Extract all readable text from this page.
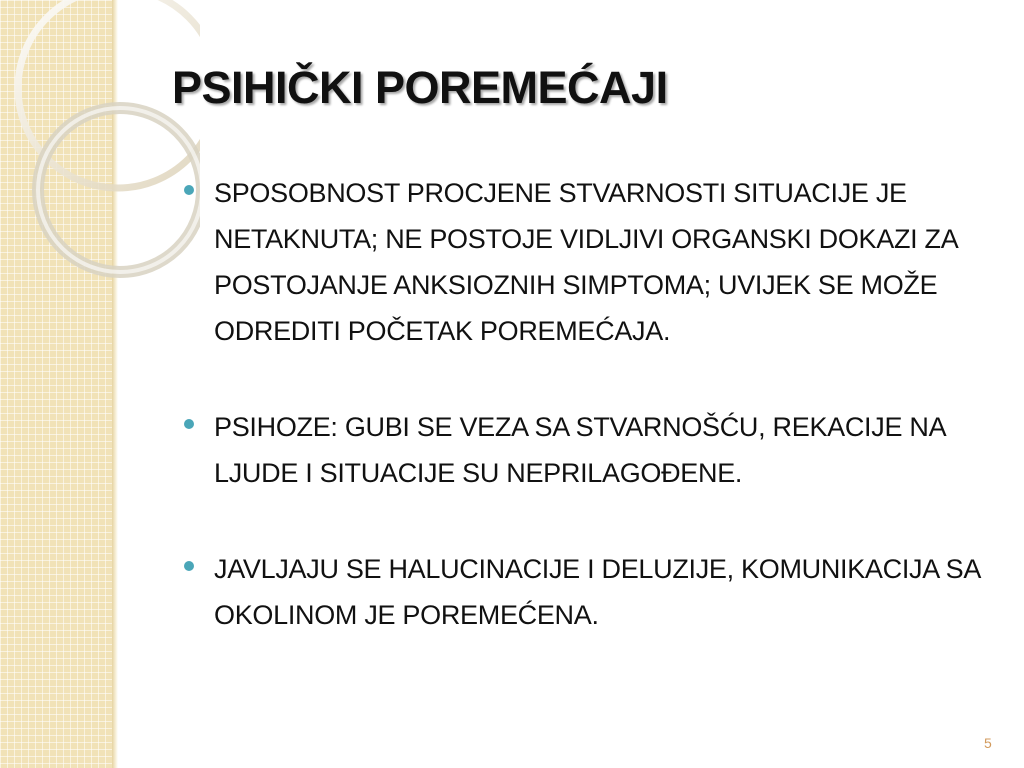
PSIHIČKI POREMEĆAJI
SPOSOBNOST PROCJENE STVARNOSTI SITUACIJE JE NETAKNUTA; NE POSTOJE VIDLJIVI ORGANSKI DOKAZI ZA POSTOJANJE ANKSIOZNIH SIMPTOMA; UVIJEK SE MOŽE ODREDITI POČETAK POREMEĆAJA.
PSIHOZE: GUBI SE VEZA SA STVARNOŠĆU, REKACIJE NA LJUDE I SITUACIJE SU NEPRILAGOĐENE.
JAVLJAJU SE HALUCINACIJE I DELUZIJE, KOMUNIKACIJA SA OKOLINOM JE POREMEĆENA.
5
